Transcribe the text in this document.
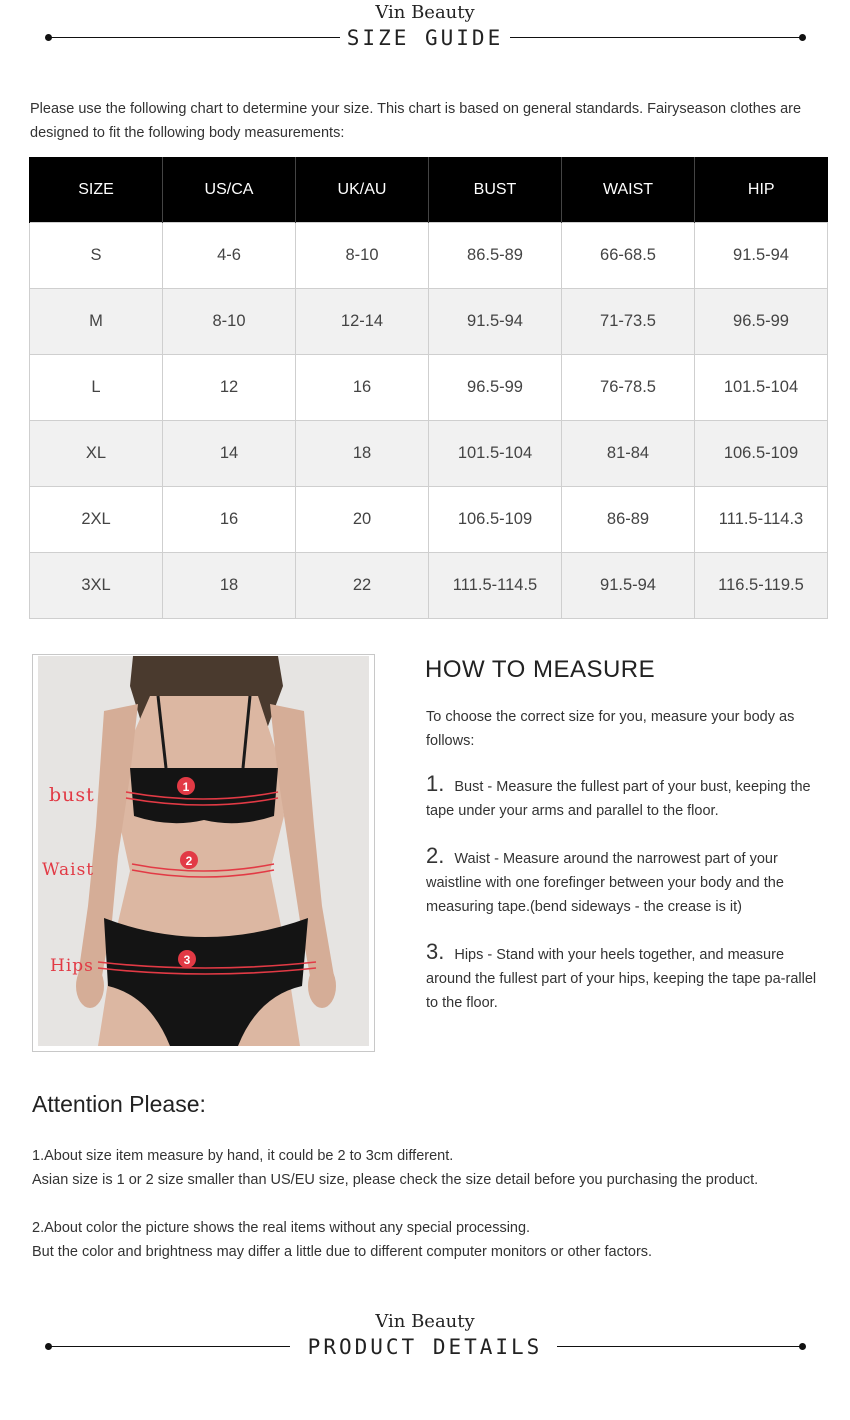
Vin Beauty
SIZE GUIDE
Please use the following chart to determine your size. This chart is based on general standards. Fairyseason clothes are designed to fit the following body measurements:
SIZE	US/CA	UK/AU	BUST	WAIST	HIP
S	4-6	8-10	86.5-89	66-68.5	91.5-94
M	8-10	12-14	91.5-94	71-73.5	96.5-99
L	12	16	96.5-99	76-78.5	101.5-104
XL	14	18	101.5-104	81-84	106.5-109
2XL	16	20	106.5-109	86-89	111.5-114.3
3XL	18	22	111.5-114.5	91.5-94	116.5-119.5
1
2
3
bust
Waist
Hips
HOW TO MEASURE
To choose the correct size for you, measure your body as follows:
1. Bust - Measure the fullest part of your bust, keeping the tape under your arms and parallel to the floor.
2. Waist - Measure around the narrowest part of your waistline with one forefinger between your body and the measuring tape.(bend sideways - the crease is it)
3. Hips - Stand with your heels together, and measure around the fullest part of your hips, keeping the tape pa-rallel to the floor.
Attention Please:
1.About size item measure by hand, it could be 2 to 3cm different.
Asian size is 1 or 2 size smaller than US/EU size, please check the size detail before you purchasing the product.
2.About color the picture shows the real items without any special processing.
But the color and brightness may differ a little due to different computer monitors or other factors.
Vin Beauty
PRODUCT DETAILS
